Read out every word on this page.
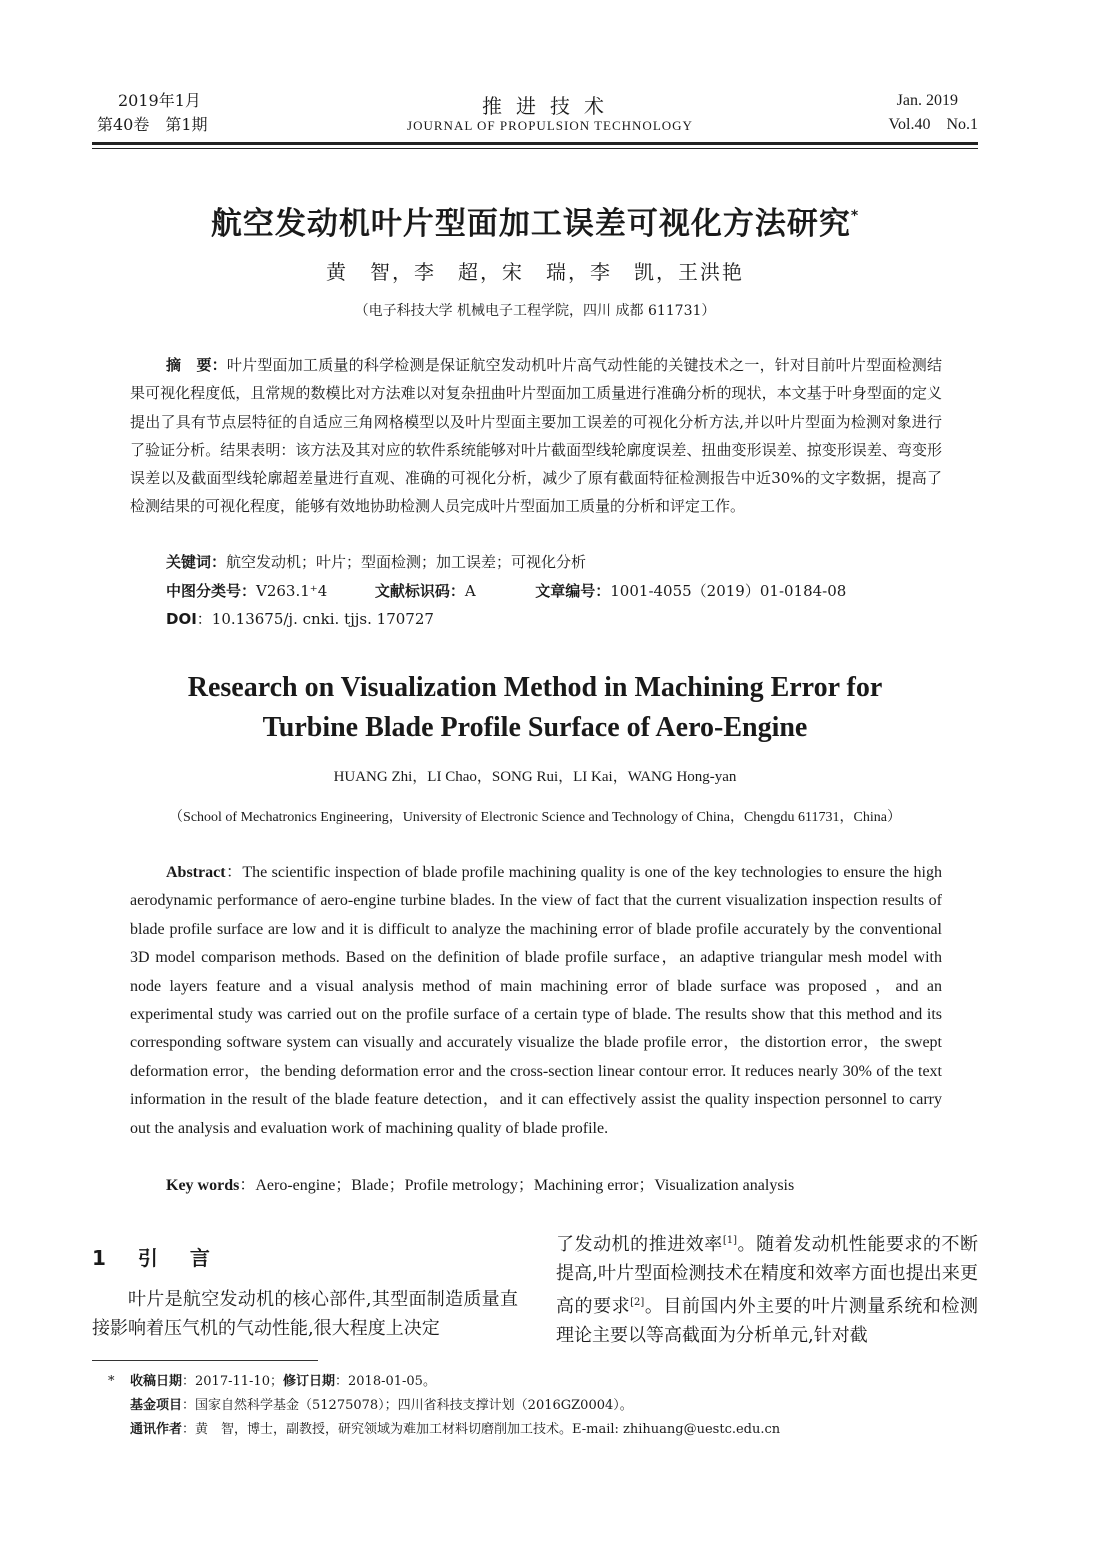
2019年1月
第40卷　第1期
推进技术
JOURNAL OF PROPULSION TECHNOLOGY
Jan. 2019
Vol.40　No.1
航空发动机叶片型面加工误差可视化方法研究*
黄　智，李　超，宋　瑞，李　凯，王洪艳
（电子科技大学 机械电子工程学院，四川 成都 611731）
摘　要：叶片型面加工质量的科学检测是保证航空发动机叶片高气动性能的关键技术之一，针对目前叶片型面检测结果可视化程度低，且常规的数模比对方法难以对复杂扭曲叶片型面加工质量进行准确分析的现状，本文基于叶身型面的定义提出了具有节点层特征的自适应三角网格模型以及叶片型面主要加工误差的可视化分析方法,并以叶片型面为检测对象进行了验证分析。结果表明：该方法及其对应的软件系统能够对叶片截面型线轮廓度误差、扭曲变形误差、掠变形误差、弯变形误差以及截面型线轮廓超差量进行直观、准确的可视化分析，减少了原有截面特征检测报告中近30%的文字数据，提高了检测结果的可视化程度，能够有效地协助检测人员完成叶片型面加工质量的分析和评定工作。
关键词：航空发动机；叶片；型面检测；加工误差；可视化分析
中图分类号：V263.1⁺4	文献标识码：A	文章编号：1001-4055（2019）01-0184-08
DOI：10.13675/j. cnki. tjjs. 170727
Research on Visualization Method in Machining Error for
Turbine Blade Profile Surface of Aero-Engine
HUANG Zhi，LI Chao，SONG Rui，LI Kai，WANG Hong-yan
（School of Mechatronics Engineering，University of Electronic Science and Technology of China，Chengdu 611731，China）
Abstract：The scientific inspection of blade profile machining quality is one of the key technologies to ensure the high aerodynamic performance of aero-engine turbine blades. In the view of fact that the current visualization inspection results of blade profile surface are low and it is difficult to analyze the machining error of blade profile accurately by the conventional 3D model comparison methods. Based on the definition of blade profile surface，an adaptive triangular mesh model with node layers feature and a visual analysis method of main machining error of blade surface was proposed ，and an experimental study was carried out on the profile surface of a certain type of blade. The results show that this method and its corresponding software system can visually and accurately visualize the blade profile error，the distortion error，the swept deformation error，the bending deformation error and the cross-section linear contour error. It reduces nearly 30% of the text information in the result of the blade feature detection，and it can effectively assist the quality inspection personnel to carry out the analysis and evaluation work of machining quality of blade profile.
Key words：Aero-engine；Blade；Profile metrology；Machining error；Visualization analysis
1　引　言
叶片是航空发动机的核心部件,其型面制造质量直接影响着压气机的气动性能,很大程度上决定
了发动机的推进效率[1]。随着发动机性能要求的不断提高,叶片型面检测技术在精度和效率方面也提出来更高的要求[2]。目前国内外主要的叶片测量系统和检测理论主要以等高截面为分析单元,针对截
* 收稿日期：2017-11-10；修订日期：2018-01-05。
基金项目：国家自然科学基金（51275078）；四川省科技支撑计划（2016GZ0004）。
通讯作者：黄　智，博士，副教授，研究领域为难加工材料切磨削加工技术。E-mail: zhihuang@uestc.edu.cn
